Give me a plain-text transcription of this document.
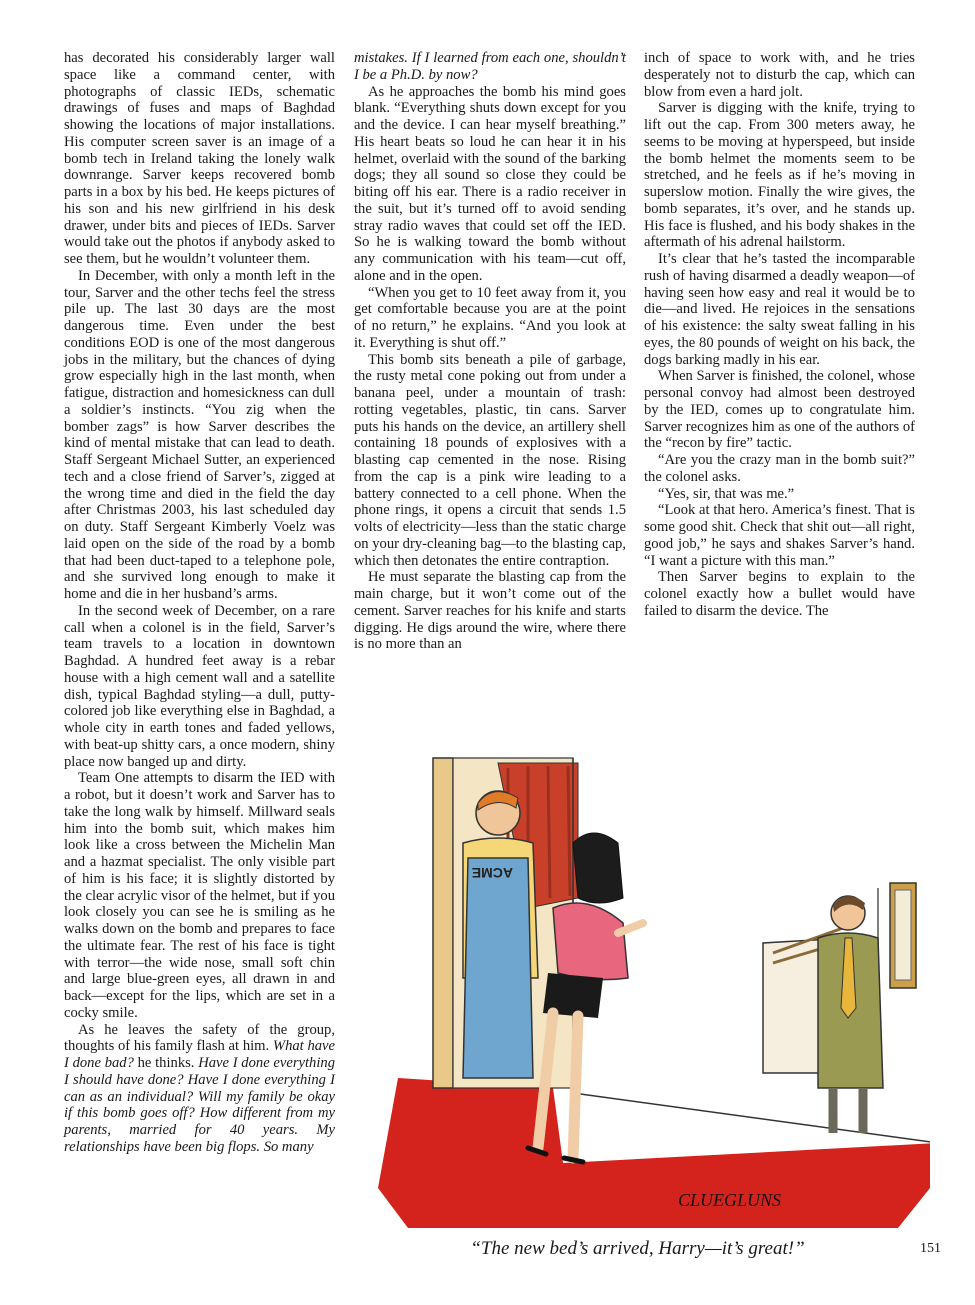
has decorated his considerably larger wall space like a command center, with photographs of classic IEDs, schematic drawings of fuses and maps of Baghdad showing the locations of major installations. His computer screen saver is an image of a bomb tech in Ireland taking the lonely walk downrange. Sarver keeps recovered bomb parts in a box by his bed. He keeps pictures of his son and his new girlfriend in his desk drawer, under bits and pieces of IEDs. Sarver would take out the photos if anybody asked to see them, but he wouldn’t volunteer them.

In December, with only a month left in the tour, Sarver and the other techs feel the stress pile up. The last 30 days are the most dangerous time. Even under the best conditions EOD is one of the most dangerous jobs in the military, but the chances of dying grow especially high in the last month, when fatigue, distraction and homesickness can dull a soldier’s instincts. “You zig when the bomber zags” is how Sarver describes the kind of mental mistake that can lead to death. Staff Sergeant Michael Sutter, an experienced tech and a close friend of Sarver’s, zigged at the wrong time and died in the field the day after Christmas 2003, his last scheduled day on duty. Staff Sergeant Kimberly Voelz was laid open on the side of the road by a bomb that had been duct-taped to a telephone pole, and she survived long enough to make it home and die in her husband’s arms.

In the second week of December, on a rare call when a colonel is in the field, Sarver’s team travels to a location in downtown Baghdad. A hundred feet away is a rebar house with a high cement wall and a satellite dish, typical Baghdad styling—a dull, putty-colored job like everything else in Baghdad, a whole city in earth tones and faded yellows, with beat-up shitty cars, a once modern, shiny place now banged up and dirty.

Team One attempts to disarm the IED with a robot, but it doesn’t work and Sarver has to take the long walk by himself. Millward seals him into the bomb suit, which makes him look like a cross between the Michelin Man and a hazmat specialist. The only visible part of him is his face; it is slightly distorted by the clear acrylic visor of the helmet, but if you look closely you can see he is smiling as he walks down on the bomb and prepares to face the ultimate fear. The rest of his face is tight with terror—the wide nose, small soft chin and large blue-green eyes, all drawn in and back—except for the lips, which are set in a cocky smile.

As he leaves the safety of the group, thoughts of his family flash at him. What have I done bad? he thinks. Have I done everything I should have done? Have I done everything I can as an individual? Will my family be okay if this bomb goes off? How different from my parents, married for 40 years. My relationships have been big flops. So many

mistakes. If I learned from each one, shouldn’t I be a Ph.D. by now?

As he approaches the bomb his mind goes blank. “Everything shuts down except for you and the device. I can hear myself breathing.” His heart beats so loud he can hear it in his helmet, overlaid with the sound of the barking dogs; they all sound so close they could be biting off his ear. There is a radio receiver in the suit, but it’s turned off to avoid sending stray radio waves that could set off the IED. So he is walking toward the bomb without any communication with his team—cut off, alone and in the open.

“When you get to 10 feet away from it, you get comfortable because you are at the point of no return,” he explains. “And you look at it. Everything is shut off.”

This bomb sits beneath a pile of garbage, the rusty metal cone poking out from under a banana peel, under a mountain of trash: rotting vegetables, plastic, tin cans. Sarver puts his hands on the device, an artillery shell containing 18 pounds of explosives with a blasting cap cemented in the nose. Rising from the cap is a pink wire leading to a battery connected to a cell phone. When the phone rings, it opens a circuit that sends 1.5 volts of electricity—less than the static charge on your dry-cleaning bag—to the blasting cap, which then detonates the entire contraption.

He must separate the blasting cap from the main charge, but it won’t come out of the cement. Sarver reaches for his knife and starts digging. He digs around the wire, where there is no more than an

inch of space to work with, and he tries desperately not to disturb the cap, which can blow from even a hard jolt.

Sarver is digging with the knife, trying to lift out the cap. From 300 meters away, he seems to be moving at hyperspeed, but inside the bomb helmet the moments seem to be stretched, and he feels as if he’s moving in superslow motion. Finally the wire gives, the bomb separates, it’s over, and he stands up. His face is flushed, and his body shakes in the aftermath of his adrenal hailstorm.

It’s clear that he’s tasted the incomparable rush of having disarmed a deadly weapon—of having seen how easy and real it would be to die—and lived. He rejoices in the sensations of his existence: the salty sweat falling in his eyes, the 80 pounds of weight on his back, the dogs barking madly in his ear.

When Sarver is finished, the colonel, whose personal convoy had almost been destroyed by the IED, comes up to congratulate him. Sarver recognizes him as one of the authors of the “recon by fire” tactic.

“Are you the crazy man in the bomb suit?” the colonel asks.

“Yes, sir, that was me.”

“Look at that hero. America’s finest. That is some good shit. Check that shit out—all right, good job,” he says and shakes Sarver’s hand. “I want a picture with this man.”

Then Sarver begins to explain to the colonel exactly how a bullet would have failed to disarm the device. The

ACME
CLUEGLUNS
“The new bed’s arrived, Harry—it’s great!”	151
